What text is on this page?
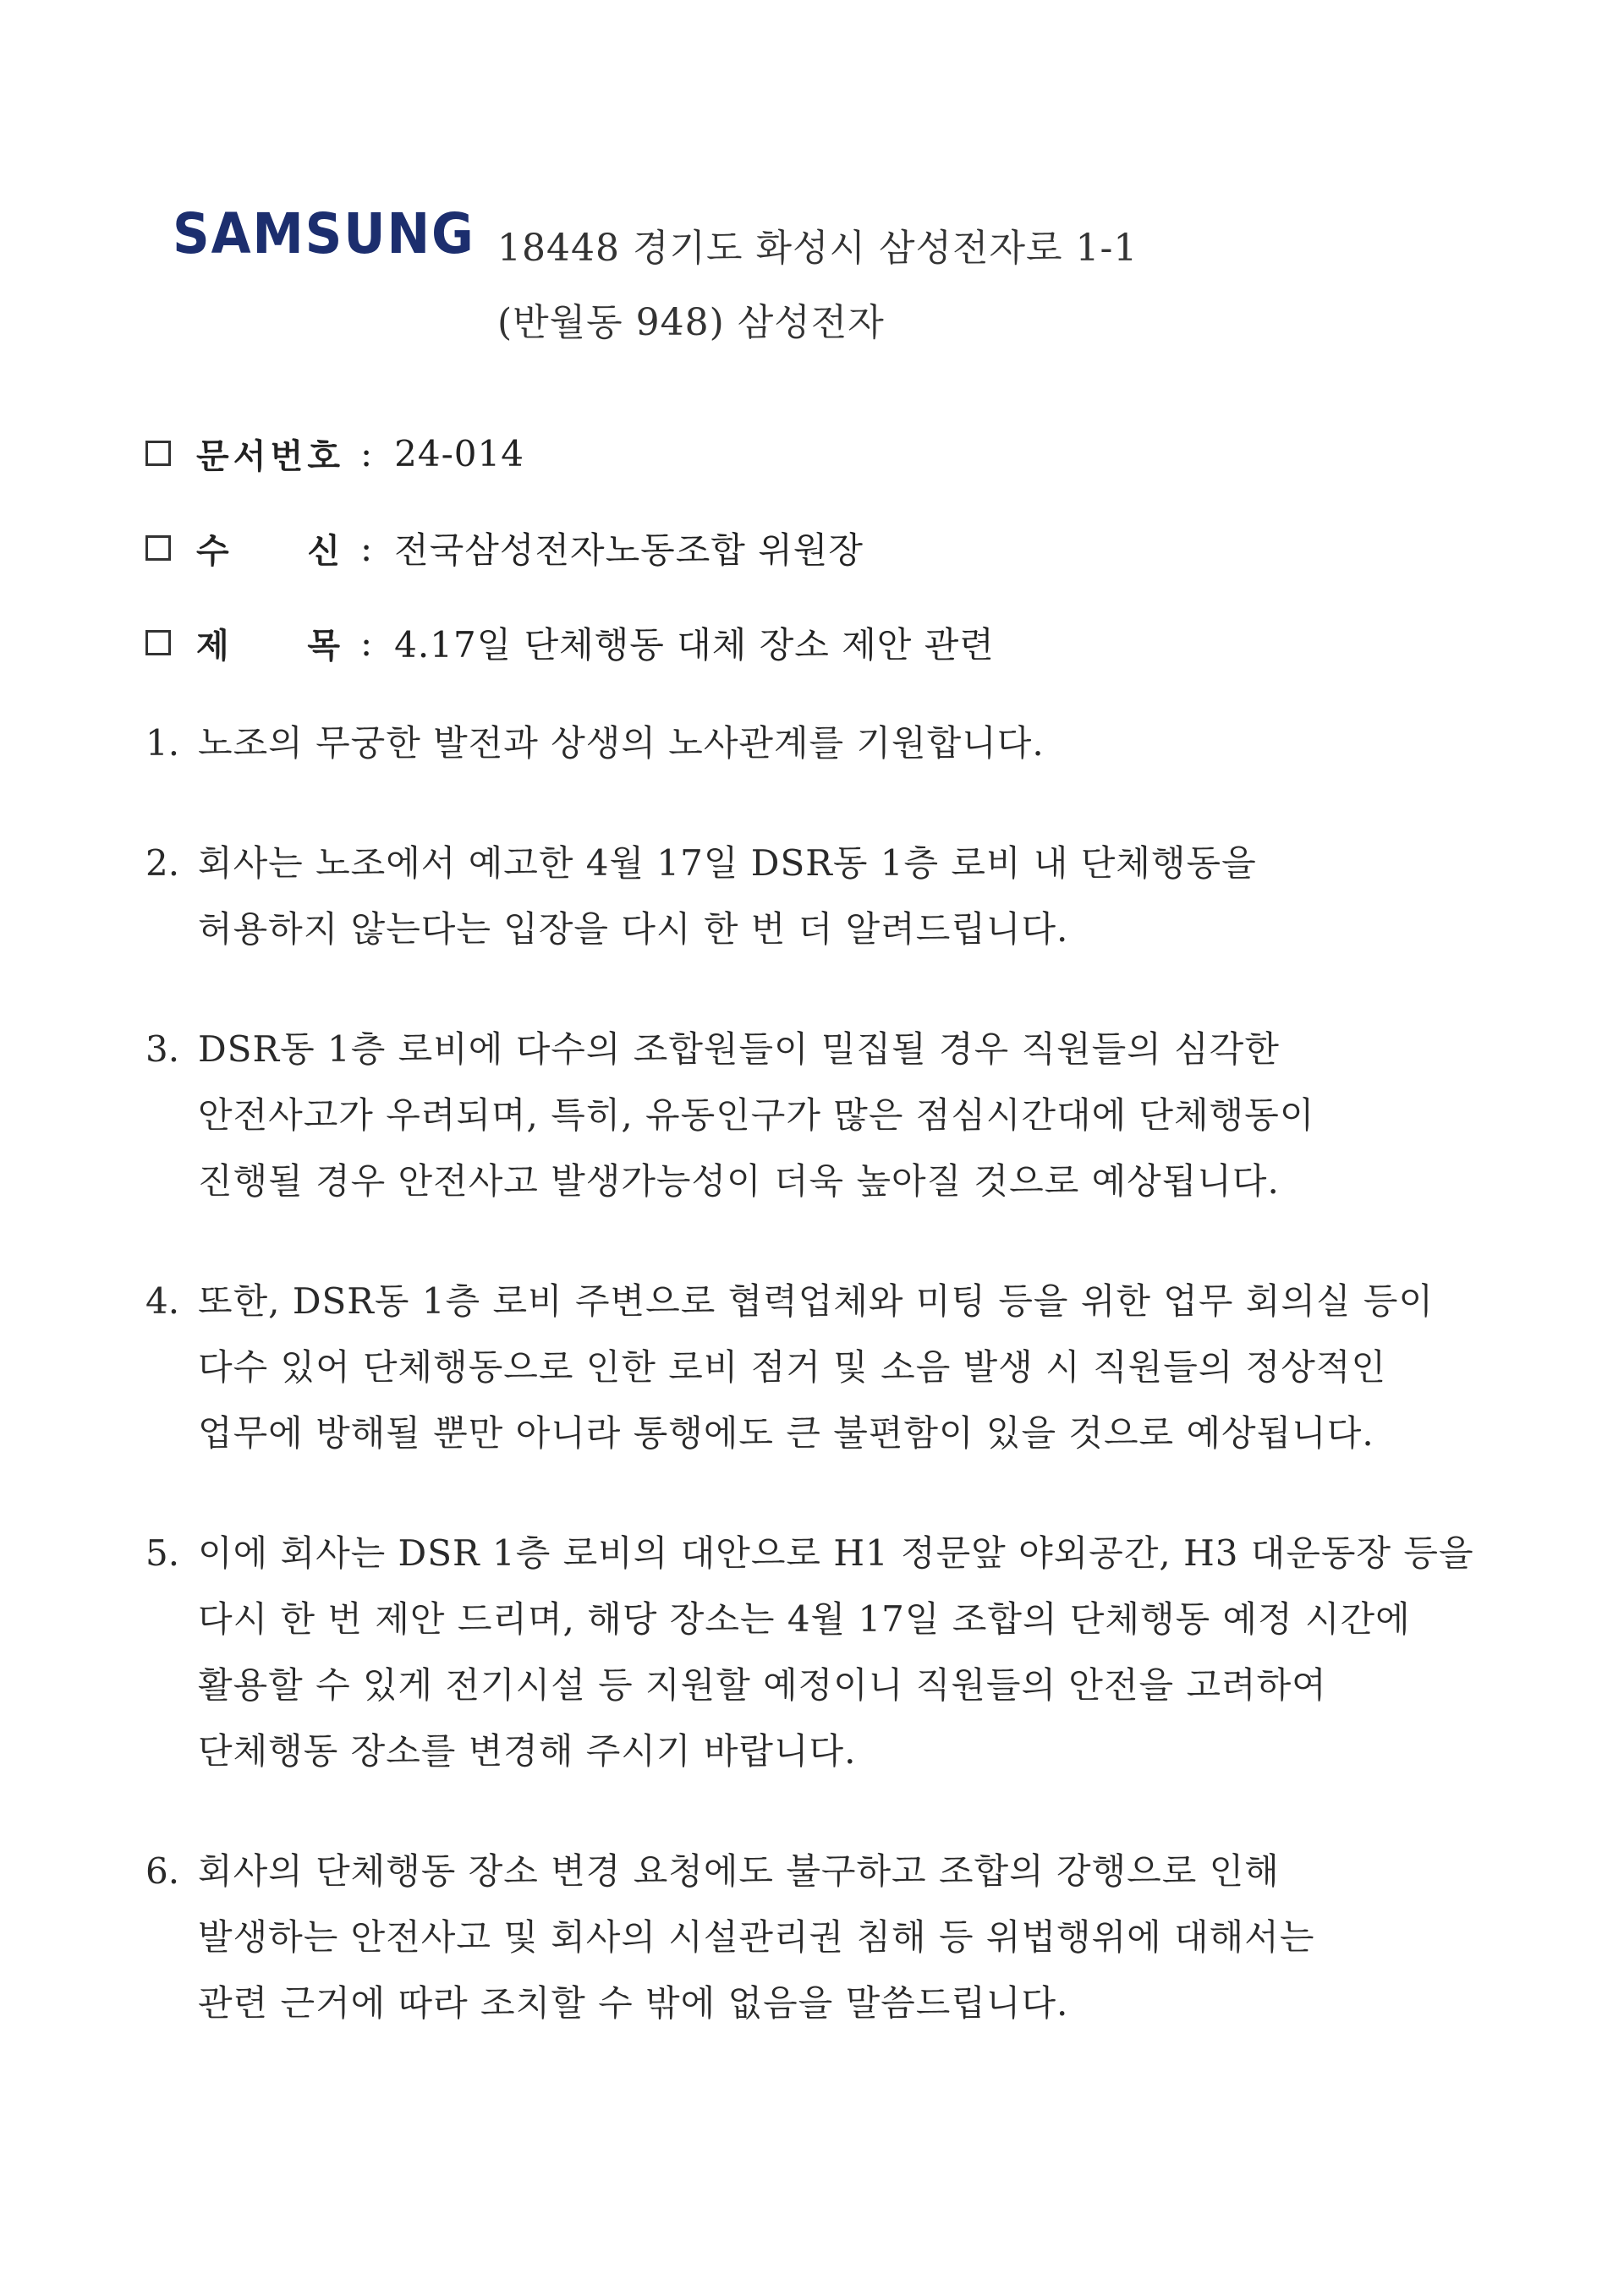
SAMSUNG 18448 경기도 화성시 삼성전자로 1-1
(반월동 948) 삼성전자
문 서 번 호 : 24-014
수 신 : 전국삼성전자노동조합 위원장
제 목 : 4.17일 단체행동 대체 장소 제안 관련
1. 노조의 무궁한 발전과 상생의 노사관계를 기원합니다.
2. 회사는 노조에서 예고한 4월 17일 DSR동 1층 로비 내 단체행동을
허용하지 않는다는 입장을 다시 한 번 더 알려드립니다.
3. DSR동 1층 로비에 다수의 조합원들이 밀집될 경우 직원들의 심각한
안전사고가 우려되며, 특히, 유동인구가 많은 점심시간대에 단체행동이
진행될 경우 안전사고 발생가능성이 더욱 높아질 것으로 예상됩니다.
4. 또한, DSR동 1층 로비 주변으로 협력업체와 미팅 등을 위한 업무 회의실 등이
다수 있어 단체행동으로 인한 로비 점거 및 소음 발생 시 직원들의 정상적인
업무에 방해될 뿐만 아니라 통행에도 큰 불편함이 있을 것으로 예상됩니다.
5. 이에 회사는 DSR 1층 로비의 대안으로 H1 정문앞 야외공간, H3 대운동장 등을
다시 한 번 제안 드리며, 해당 장소는 4월 17일 조합의 단체행동 예정 시간에
활용할 수 있게 전기시설 등 지원할 예정이니 직원들의 안전을 고려하여
단체행동 장소를 변경해 주시기 바랍니다.
6. 회사의 단체행동 장소 변경 요청에도 불구하고 조합의 강행으로 인해
발생하는 안전사고 및 회사의 시설관리권 침해 등 위법행위에 대해서는
관련 근거에 따라 조치할 수 밖에 없음을 말씀드립니다.
